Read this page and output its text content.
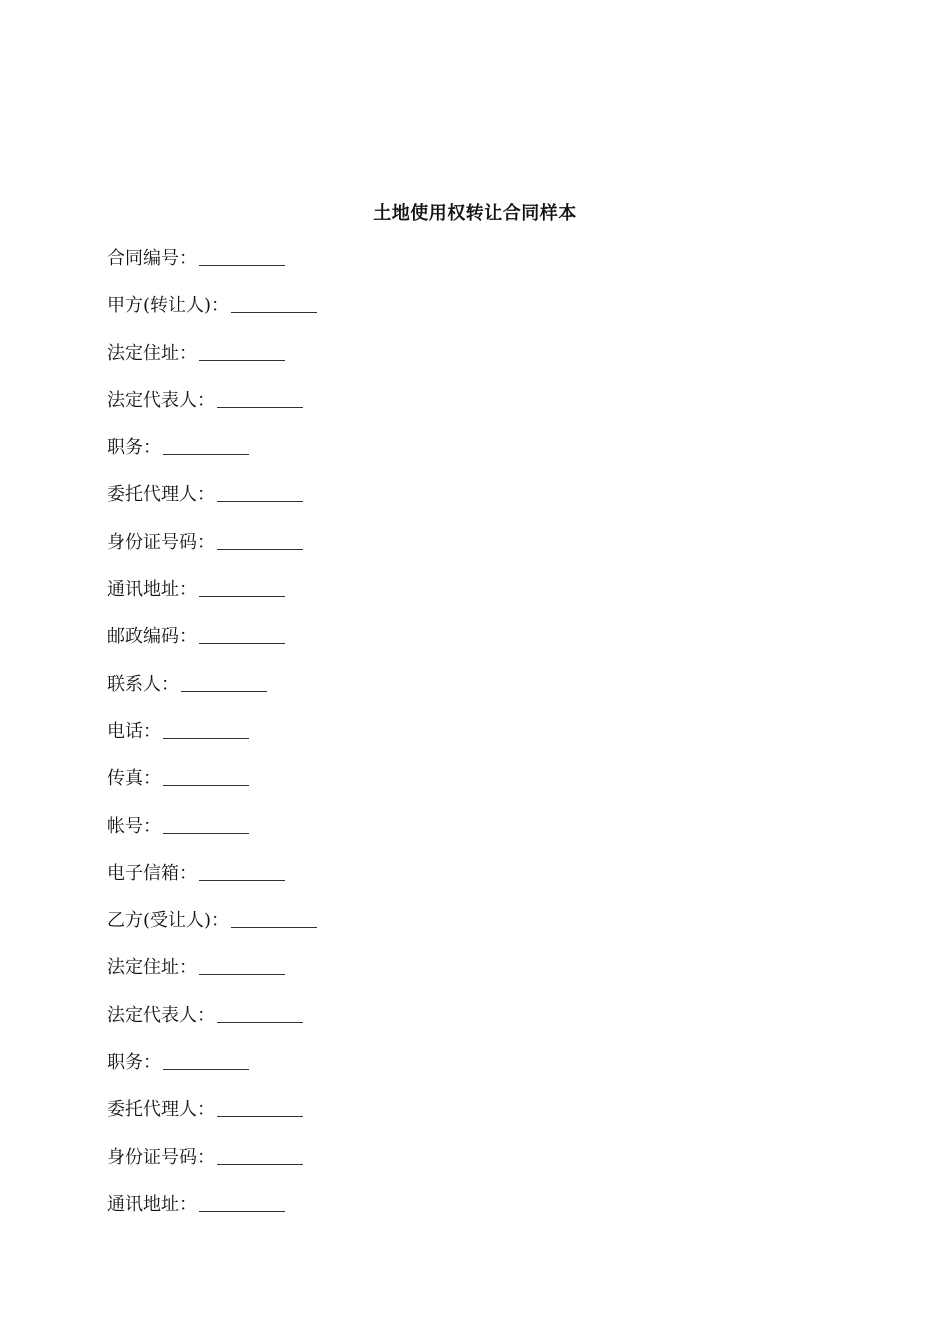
土地使用权转让合同样本
合同编号：
甲方(转让人)：
法定住址：
法定代表人：
职务：
委托代理人：
身份证号码：
通讯地址：
邮政编码：
联系人：
电话：
传真：
帐号：
电子信箱：
乙方(受让人)：
法定住址：
法定代表人：
职务：
委托代理人：
身份证号码：
通讯地址：
